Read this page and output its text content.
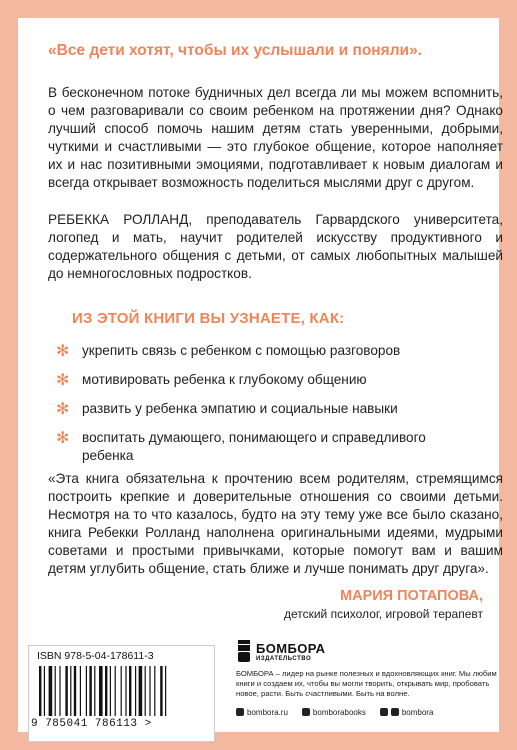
«Все дети хотят, чтобы их услышали и поняли».

В бесконечном потоке будничных дел всегда ли мы можем вспомнить, о чем разговаривали со своим ребенком на протяжении дня? Однако лучший способ помочь нашим детям стать уверенными, добрыми, чуткими и счастливыми — это глубокое общение, которое наполняет их и нас позитивными эмоциями, подготавливает к новым диалогам и всегда открывает возможность поделиться мыслями друг с другом.

РЕБЕККА РОЛЛАНД, преподаватель Гарвардского университета, логопед и мать, научит родителей искусству продуктивного и содержательного общения с детьми, от самых любопытных малышей до немногословных подростков.

ИЗ ЭТОЙ КНИГИ ВЫ УЗНАЕТЕ, КАК:
✻ укрепить связь с ребенком с помощью разговоров
✻ мотивировать ребенка к глубокому общению
✻ развить у ребенка эмпатию и социальные навыки
✻ воспитать думающего, понимающего и справедливого ребенка

«Эта книга обязательна к прочтению всем родителям, стремящимся построить крепкие и доверительные отношения со своими детьми. Несмотря на то что казалось, будто на эту тему уже все было сказано, книга Ребекки Ролланд наполнена оригинальными идеями, мудрыми советами и простыми привычками, которые помогут вам и вашим детям углубить общение, стать ближе и лучше понимать друг друга».

МАРИЯ ПОТАПОВА,
детский психолог, игровой терапевт
ISBN 978-5-04-178611-3
9 785041 786113 >
БОМБОРА
ИЗДАТЕЛЬСТВО
БОМБОРА – лидер на рынке полезных и вдохновляющих книг. Мы любим книги и создаем их, чтобы вы могли творить, открывать мир, пробовать новое, расти. Быть счастливыми. Быть на волне.
bombora.ru	bomborabooks	bombora
